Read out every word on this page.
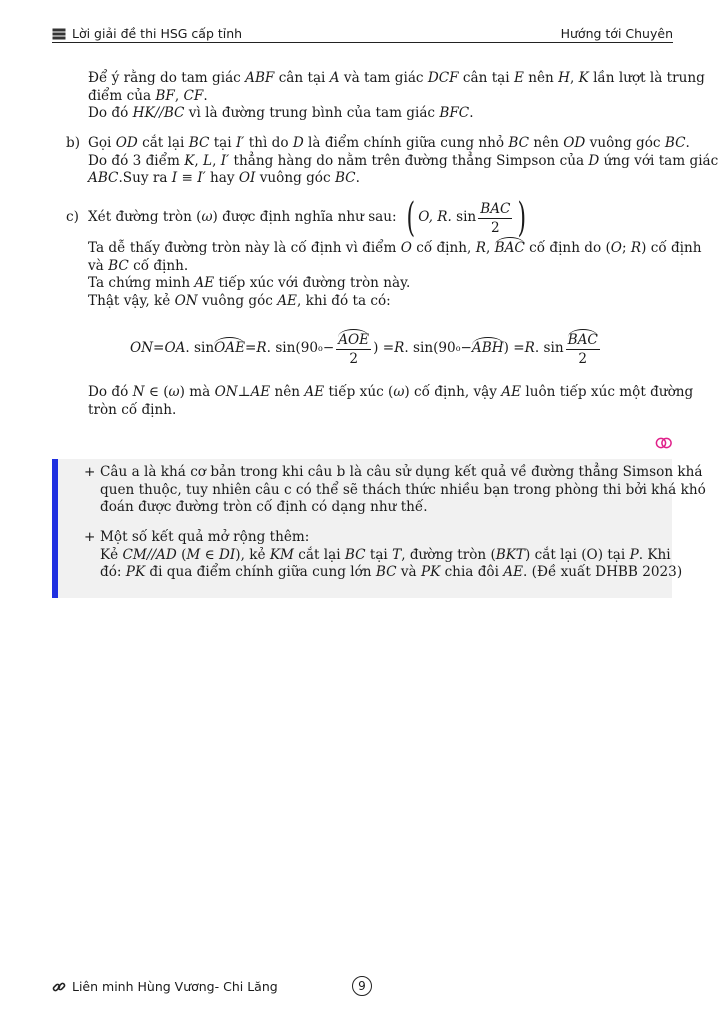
Lời giải đề thi HSG cấp tỉnh	Hướng tới Chuyên
Để ý rằng do tam giác ABF cân tại A và tam giác DCF cân tại E nên H, K lần lượt là trung
điểm của BF, CF.
Do đó HK//BC vì là đường trung bình của tam giác BFC.
b) Gọi OD cắt lại BC tại I′ thì do D là điểm chính giữa cung nhỏ BC nên OD vuông góc BC.
Do đó 3 điểm K, L, I′ thẳng hàng do nằm trên đường thẳng Simpson của D ứng với tam giác
ABC.Suy ra I ≡ I′ hay OI vuông góc BC.
c) Xét đường tròn ( ω ) được định nghĩa như sau: ( O, R.
$\sin \frac{\text{BAC}}{2}$ )
Ta dễ thấy đường tròn này là cố định vì điểm O cố định, R, BAC cố định do (O; R) cố định
và BC cố định.
Ta chứng minh AE tiếp xúc với đường tròn này.
Thật vậy, kẻ ON vuông góc AE, khi đó ta có:
ON = OA . sin OAE = R . sin(90 $o - \frac{\text{AOE}}{2}$ ) = R . sin(90 o − ABH ) = R . $\sin \frac{\text{BAC}}{2}$
Do đó N ∈ (ω) mà ON⊥AE nên AE tiếp xúc (ω) cố định, vậy AE luôn tiếp xúc một đường
tròn cố định.
+ Câu a là khá cơ bản trong khi câu b là câu sử dụng kết quả về đường thẳng Simson khá
quen thuộc, tuy nhiên câu c có thể sẽ thách thức nhiều bạn trong phòng thi bởi khá khó
đoán được đường tròn cố định có dạng như thế.
+ Một số kết quả mở rộng thêm:
Kẻ CM//AD (M ∈ DI), kẻ KM cắt lại BC tại T, đường tròn (BKT) cắt lại (O) tại P. Khi
đó: PK đi qua điểm chính giữa cung lớn BC và PK chia đôi AE. (Đề xuất DHBB 2023)
Liên minh Hùng Vương- Chi Lăng	9
